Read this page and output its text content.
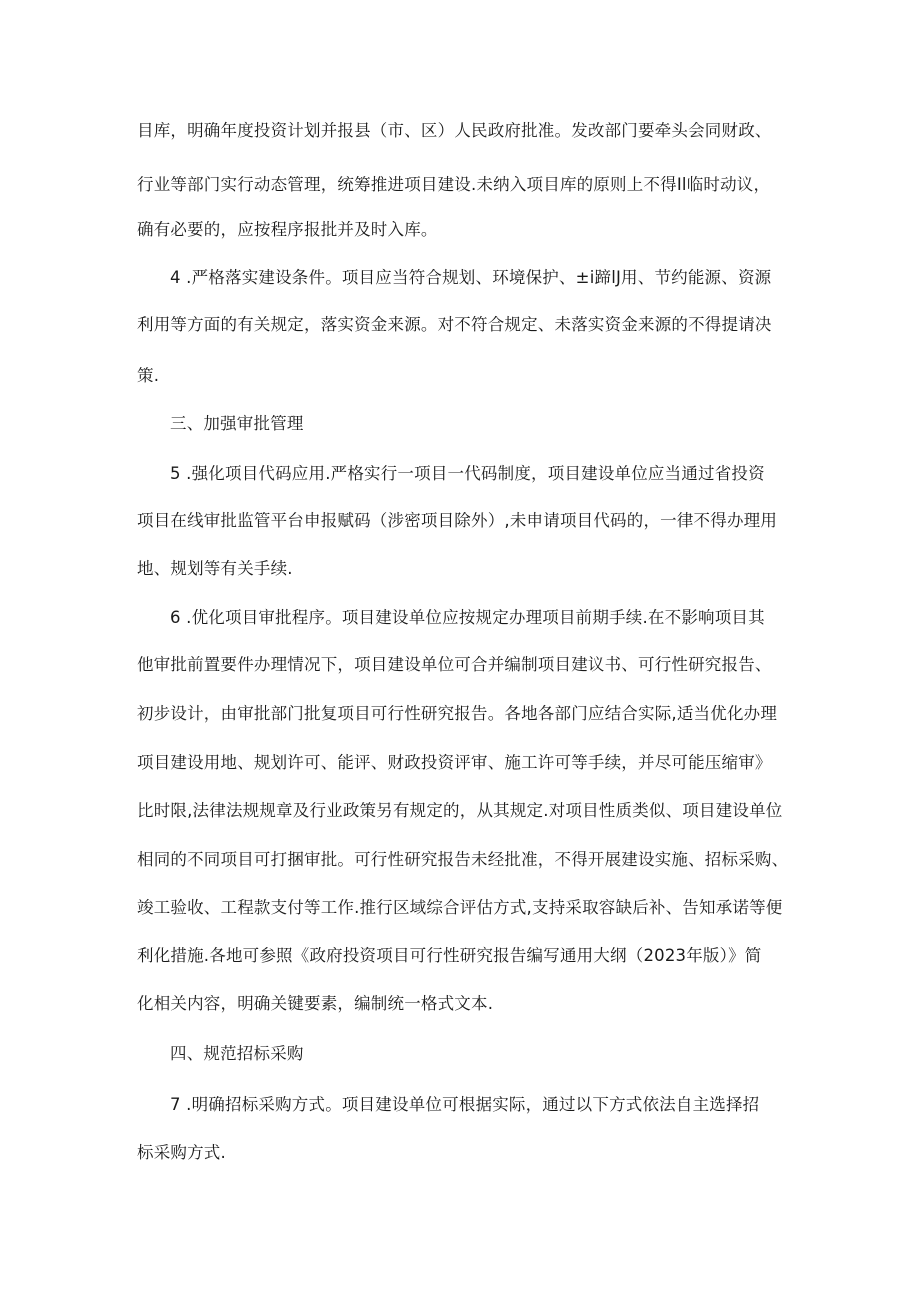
目库，明确年度投资计划并报县（市、区）人民政府批准。发改部门要牵头会同财政、
行业等部门实行动态管理，统筹推进项目建设.未纳入项目库的原则上不得Il临时动议，
确有必要的，应按程序报批并及时入库。
4 .严格落实建设条件。项目应当符合规划、环境保护、±i蹄lJ用、节约能源、资源
利用等方面的有关规定，落实资金来源。对不符合规定、未落实资金来源的不得提请决
策.
三、加强审批管理
5 .强化项目代码应用.严格实行一项目一代码制度，项目建设单位应当通过省投资
项目在线审批监管平台申报赋码（涉密项目除外）,未申请项目代码的，一律不得办理用
地、规划等有关手续.
6 .优化项目审批程序。项目建设单位应按规定办理项目前期手续.在不影响项目其
他审批前置要件办理情况下，项目建设单位可合并编制项目建议书、可行性研究报告、
初步设计，由审批部门批复项目可行性研究报告。各地各部门应结合实际,适当优化办理
项目建设用地、规划许可、能评、财政投资评审、施工许可等手续，并尽可能压缩审》
比时限,法律法规规章及行业政策另有规定的，从其规定.对项目性质类似、项目建设单位
相同的不同项目可打捆审批。可行性研究报告未经批准，不得开展建设实施、招标采购、
竣工验收、工程款支付等工作.推行区域综合评估方式,支持采取容缺后补、告知承诺等便
利化措施.各地可参照《政府投资项目可行性研究报告编写通用大纲（2023年版）》简
化相关内容，明确关键要素，编制统一格式文本.
四、规范招标采购
7 .明确招标采购方式。项目建设单位可根据实际，通过以下方式依法自主选择招
标采购方式.
